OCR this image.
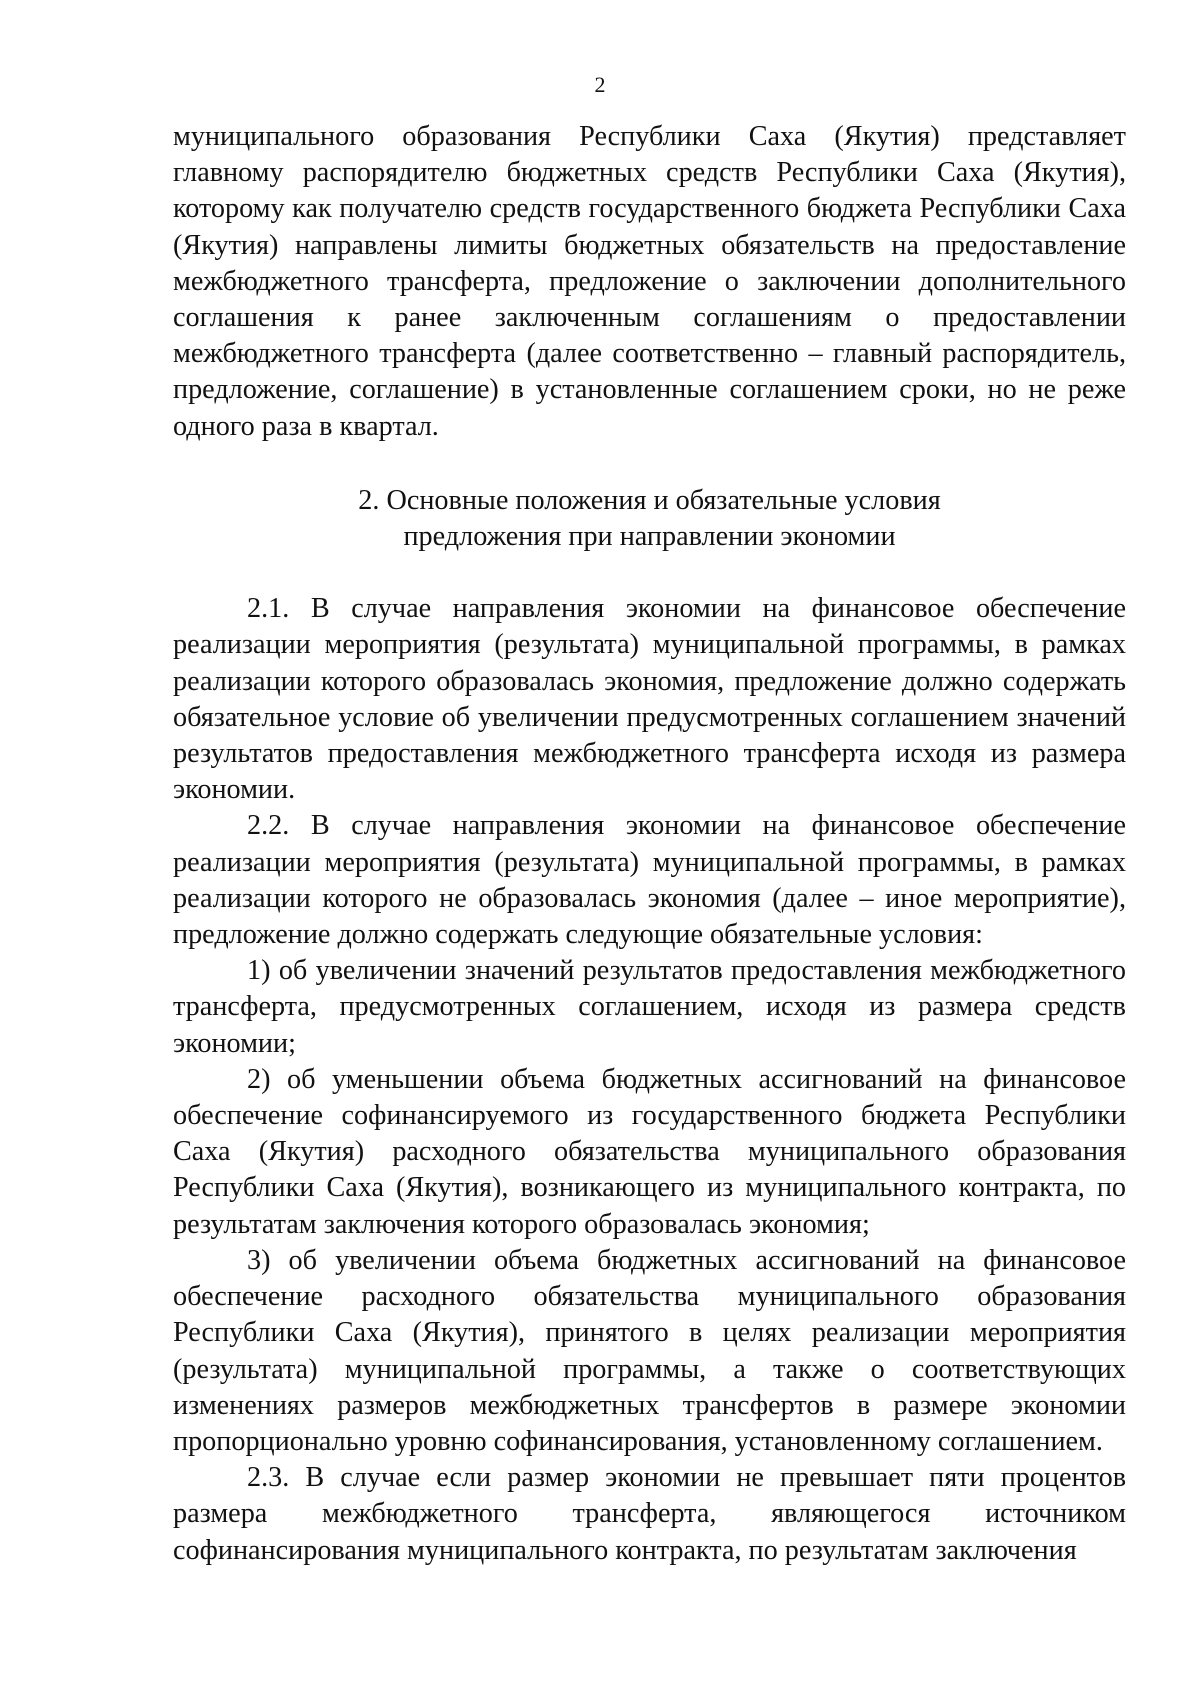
2

муниципального образования Республики Саха (Якутия) представляет главному распорядителю бюджетных средств Республики Саха (Якутия), которому как получателю средств государственного бюджета Республики Саха (Якутия) направлены лимиты бюджетных обязательств на предоставление межбюджетного трансферта, предложение о заключении дополнительного соглашения к ранее заключенным соглашениям о предоставлении межбюджетного трансферта (далее соответственно – главный распорядитель, предложение, соглашение) в установленные соглашением сроки, но не реже одного раза в квартал.

2. Основные положения и обязательные условия
предложения при направлении экономии

2.1. В случае направления экономии на финансовое обеспечение реализации мероприятия (результата) муниципальной программы, в рамках реализации которого образовалась экономия, предложение должно содержать обязательное условие об увеличении предусмотренных соглашением значений результатов предоставления межбюджетного трансферта исходя из размера экономии.

2.2. В случае направления экономии на финансовое обеспечение реализации мероприятия (результата) муниципальной программы, в рамках реализации которого не образовалась экономия (далее – иное мероприятие), предложение должно содержать следующие обязательные условия:

1) об увеличении значений результатов предоставления межбюджетного трансферта, предусмотренных соглашением, исходя из размера средств экономии;

2) об уменьшении объема бюджетных ассигнований на финансовое обеспечение софинансируемого из государственного бюджета Республики Саха (Якутия) расходного обязательства муниципального образования Республики Саха (Якутия), возникающего из муниципального контракта, по результатам заключения которого образовалась экономия;

3) об увеличении объема бюджетных ассигнований на финансовое обеспечение расходного обязательства муниципального образования Республики Саха (Якутия), принятого в целях реализации мероприятия (результата) муниципальной программы, а также о соответствующих изменениях размеров межбюджетных трансфертов в размере экономии пропорционально уровню софинансирования, установленному соглашением.

2.3. В случае если размер экономии не превышает пяти процентов размера межбюджетного трансферта, являющегося источником софинансирования муниципального контракта, по результатам заключения
